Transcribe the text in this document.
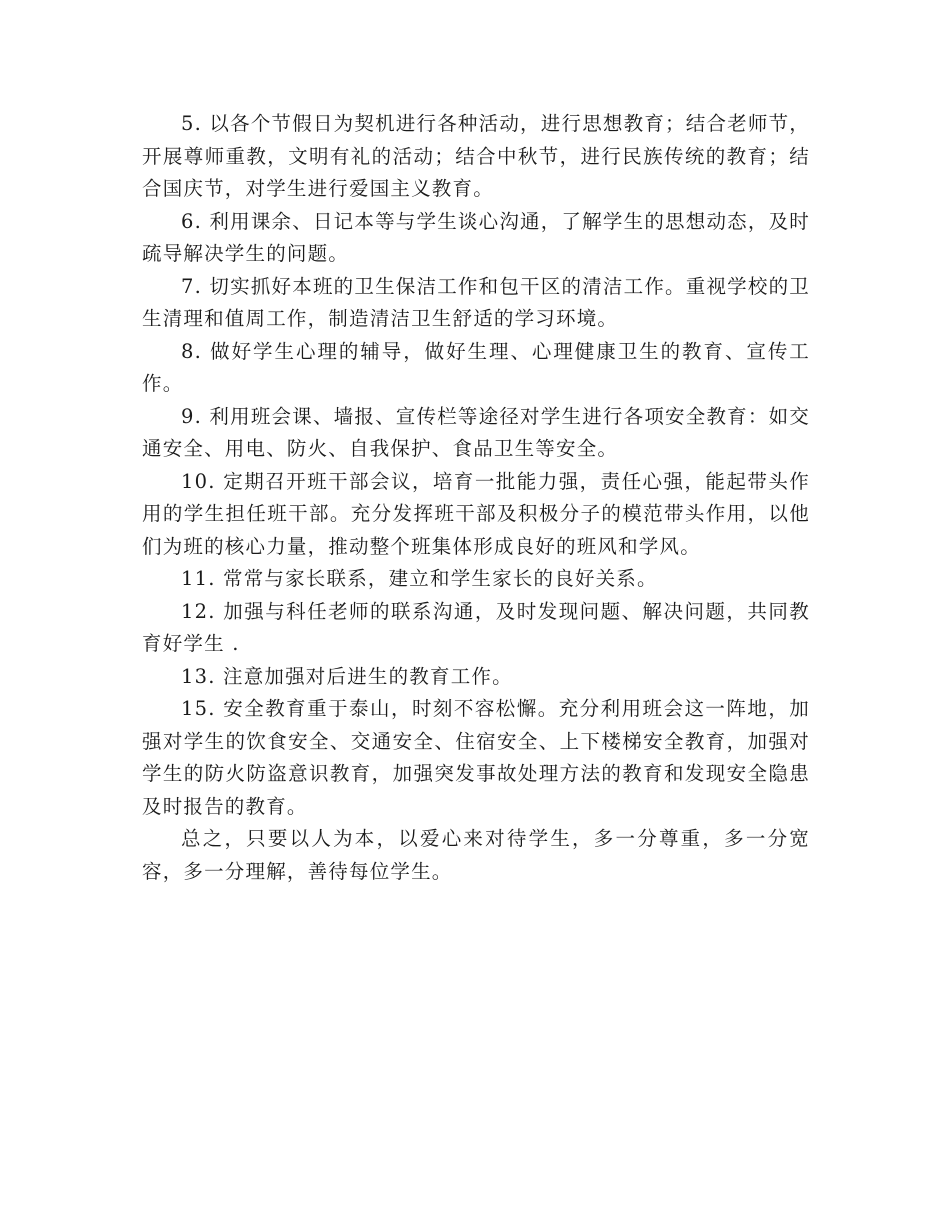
5. 以各个节假日为契机进行各种活动，进行思想教育；结合老师节，开展尊师重教，文明有礼的活动；结合中秋节，进行民族传统的教育；结合国庆节，对学生进行爱国主义教育。

6. 利用课余、日记本等与学生谈心沟通，了解学生的思想动态，及时疏导解决学生的问题。

7. 切实抓好本班的卫生保洁工作和包干区的清洁工作。重视学校的卫生清理和值周工作，制造清洁卫生舒适的学习环境。

8. 做好学生心理的辅导，做好生理、心理健康卫生的教育、宣传工作。

9. 利用班会课、墙报、宣传栏等途径对学生进行各项安全教育：如交通安全、用电、防火、自我保护、食品卫生等安全。

10. 定期召开班干部会议，培育一批能力强，责任心强，能起带头作用的学生担任班干部。充分发挥班干部及积极分子的模范带头作用，以他们为班的核心力量，推动整个班集体形成良好的班风和学风。

11. 常常与家长联系，建立和学生家长的良好关系。

12. 加强与科任老师的联系沟通，及时发现问题、解决问题，共同教育好学生 .

13. 注意加强对后进生的教育工作。

15. 安全教育重于泰山，时刻不容松懈。充分利用班会这一阵地，加强对学生的饮食安全、交通安全、住宿安全、上下楼梯安全教育，加强对学生的防火防盗意识教育，加强突发事故处理方法的教育和发现安全隐患及时报告的教育。

总之，只要以人为本，以爱心来对待学生，多一分尊重，多一分宽容，多一分理解，善待每位学生。
